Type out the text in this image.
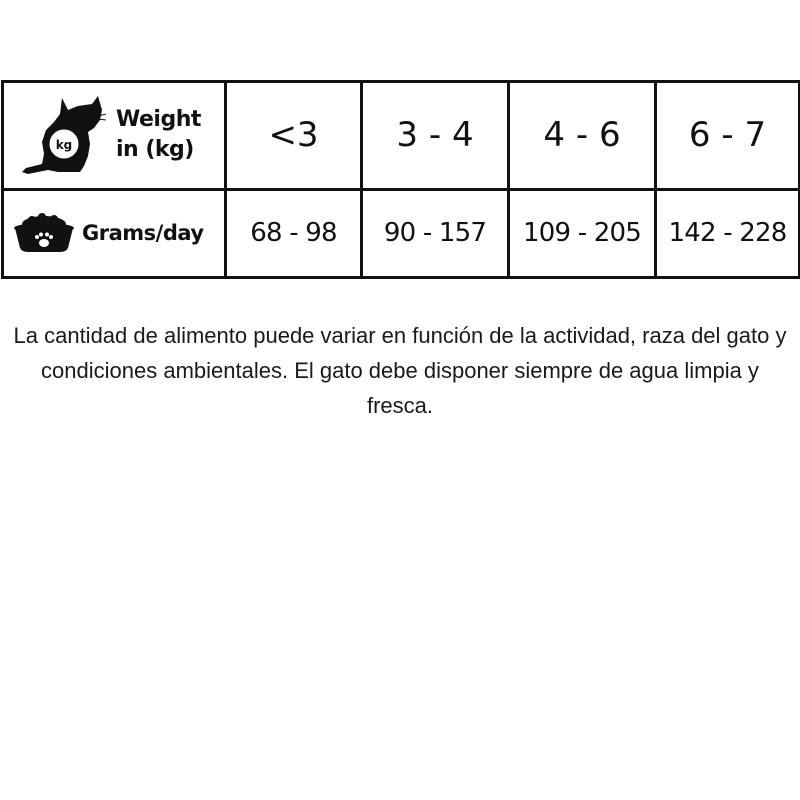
kg
Weight
in (kg)	<3	3 - 4	4 - 6	6 - 7

Grams/day	68 - 98	90 - 157	109 - 205	142 - 228

La cantidad de alimento puede variar en función de la actividad, raza del gato y condiciones ambientales. El gato debe disponer siempre de agua limpia y fresca.
